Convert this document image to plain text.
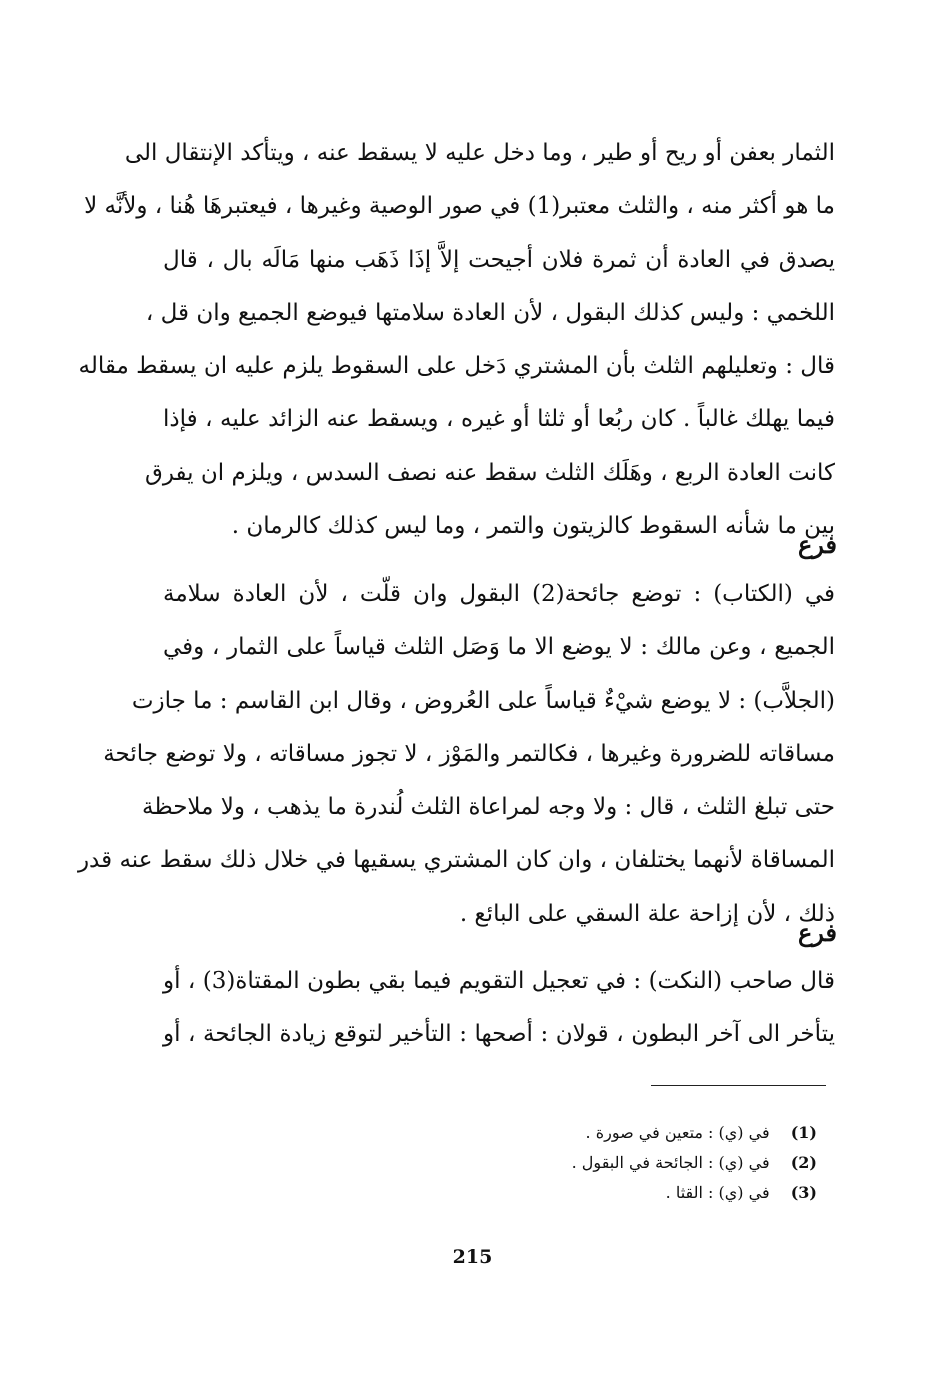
الثمار بعفن أو ريح أو طير ، وما دخل عليه لا يسقط عنه ، ويتأكد الإنتقال الى
ما هو أكثر منه ، والثلث معتبر(1) في صور الوصية وغيرها ، فيعتبرهَا هُنا ، ولأنَّه لا
يصدق في العادة أن ثمرة فلان أجيحت إلاَّ إذَا ذَهَب منها مَالَه بال ، قال
اللخمي : وليس كذلك البقول ، لأن العادة سلامتها فيوضع الجميع وان قل ،
قال : وتعليلهم الثلث بأن المشتري دَخل على السقوط يلزم عليه ان يسقط مقاله
فيما يهلك غالباً . كان ربُعا أو ثلثا أو غيره ، ويسقط عنه الزائد عليه ، فإذا
كانت العادة الربع ، وهَلَك الثلث سقط عنه نصف السدس ، ويلزم ان يفرق
بين ما شأنه السقوط كالزيتون والتمر ، وما ليس كذلك كالرمان .
فرع
في (الكتاب) : توضع جائحة(2) البقول وان قلّت ، لأن العادة سلامة
الجميع ، وعن مالك : لا يوضع الا ما وَصَل الثلث قياساً على الثمار ، وفي
(الجلاَّب) : لا يوضع شيْءٌ قياساً على العُروض ، وقال ابن القاسم : ما جازت
مساقاته للضرورة وغيرها ، فكالتمر والمَوْز ، لا تجوز مساقاته ، ولا توضع جائحة
حتى تبلغ الثلث ، قال : ولا وجه لمراعاة الثلث لُندرة ما يذهب ، ولا ملاحظة
المساقاة لأنهما يختلفان ، وان كان المشتري يسقيها في خلال ذلك سقط عنه قدر
ذلك ، لأن إزاحة علة السقي على البائع .
فرع
قال صاحب (النكت) : في تعجيل التقويم فيما بقي بطون المقتاة(3) ، أو
يتأخر الى آخر البطون ، قولان : أصحها : التأخير لتوقع زيادة الجائحة ، أو
(1) في (ي) : متعين في صورة .
(2) في (ي) : الجائحة في البقول .
(3) في (ي) : القثا .
215
